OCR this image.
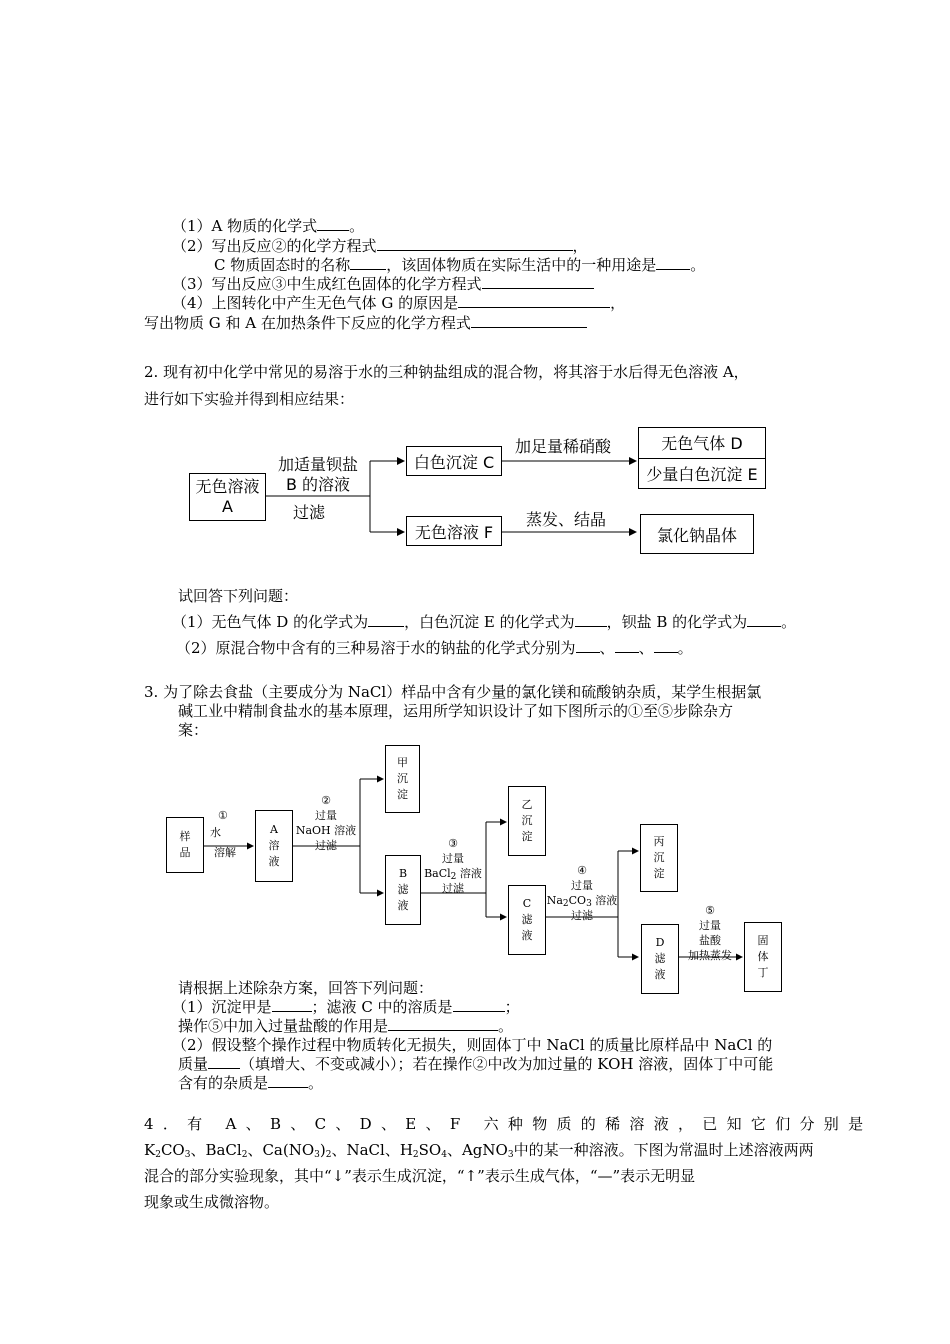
（1）A 物质的化学式 。
（2）写出反应②的化学方程式	，
C 物质固态时的名称 ，该固体物质在实际生活中的一种用途是 。
（3）写出反应③中生成红色固体的化学方程式
（4）上图转化中产生无色气体 G 的原因是	，
写出物质 G 和 A 在加热条件下反应的化学方程式
2. 现有初中化学中常见的易溶于水的三种钠盐组成的混合物，将其溶于水后得无色溶液 A，
进行如下实验并得到相应结果：
无色溶液
A
加适量钡盐
B 的溶液
过滤
白色沉淀 C
加足量稀硝酸	无色气体 D
少量白色沉淀 E
无色溶液 F
蒸发、结晶
氯化钠晶体
试回答下列问题：
（1）无色气体 D 的化学式为 ，白色沉淀 E 的化学式为 ，钡盐 B 的化学式为 。
（2）原混合物中含有的三种易溶于水的钠盐的化学式分别为 、 、 。
3. 为了除去食盐（主要成分为 NaCl）样品中含有少量的氯化镁和硫酸钠杂质，某学生根据氯
碱工业中精制食盐水的基本原理，运用所学知识设计了如下图所示的①至⑤步除杂方
案：
样
品
①
水
溶解
A
溶
液
②
过量
NaOH 溶液
过滤
甲
沉
淀
B
滤
液
③
过量
BaCl$_2$ 溶液
过滤
乙
沉
淀
C
滤
液
④
过量
$Na_2CO_3$ 溶液
过滤
丙
沉
淀
D
滤
液
⑤
过量
盐酸
加热蒸发
固
体
丁
请根据上述除杂方案，回答下列问题：
（1）沉淀甲是	；滤液 C 中的溶质是	；
操作⑤中加入过量盐酸的作用是	。
（2）假设整个操作过程中物质转化无损失，则固体丁中 NaCl 的质量比原样品中 NaCl 的
质量 （填增大、不变或减小）；若在操作②中改为加过量的 KOH 溶液，固体丁中可能
含有的杂质是	。
4．有 A、B、C、D、E、F 六种物质的稀溶液，已知它们分别是
$K_2CO_3$、BaCl$_2$、$Ca(NO_3)_2$、NaCl、$H_2SO_4$、AgNO$_3$中的某一种溶液。下图为常温时上述溶液两两
混合的部分实验现象，其中“↓”表示生成沉淀，“↑”表示生成气体，“—”表示无明显
现象或生成微溶物。
